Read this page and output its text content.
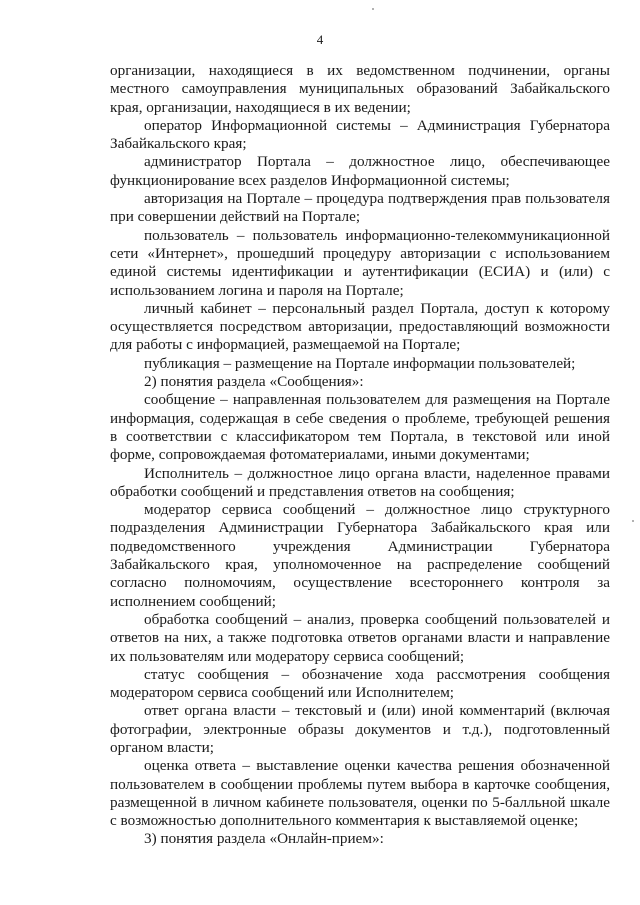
4

организации, находящиеся в их ведомственном подчинении, органы местного самоуправления муниципальных образований Забайкальского края, организации, находящиеся в их ведении;

оператор Информационной системы – Администрация Губернатора Забайкальского края;

администратор Портала – должностное лицо, обеспечивающее функционирование всех разделов Информационной системы;

авторизация на Портале – процедура подтверждения прав пользователя при совершении действий на Портале;

пользователь – пользователь информационно-телекоммуникационной сети «Интернет», прошедший процедуру авторизации с использованием единой системы идентификации и аутентификации (ЕСИА) и (или) с использованием логина и пароля на Портале;

личный кабинет – персональный раздел Портала, доступ к которому осуществляется посредством авторизации, предоставляющий возможности для работы с информацией, размещаемой на Портале;

публикация – размещение на Портале информации пользователей;

2) понятия раздела «Сообщения»:

сообщение – направленная пользователем для размещения на Портале информация, содержащая в себе сведения о проблеме, требующей решения в соответствии с классификатором тем Портала, в текстовой или иной форме, сопровождаемая фотоматериалами, иными документами;

Исполнитель – должностное лицо органа власти, наделенное правами обработки сообщений и представления ответов на сообщения;

модератор сервиса сообщений – должностное лицо структурного подразделения Администрации Губернатора Забайкальского края или подведомственного учреждения Администрации Губернатора Забайкальского края, уполномоченное на распределение сообщений согласно полномочиям, осуществление всестороннего контроля за исполнением сообщений;

обработка сообщений – анализ, проверка сообщений пользователей и ответов на них, а также подготовка ответов органами власти и направление их пользователям или модератору сервиса сообщений;

статус сообщения – обозначение хода рассмотрения сообщения модератором сервиса сообщений или Исполнителем;

ответ органа власти – текстовый и (или) иной комментарий (включая фотографии, электронные образы документов и т.д.), подготовленный органом власти;

оценка ответа – выставление оценки качества решения обозначенной пользователем в сообщении проблемы путем выбора в карточке сообщения, размещенной в личном кабинете пользователя, оценки по 5-балльной шкале с возможностью дополнительного комментария к выставляемой оценке;

3) понятия раздела «Онлайн-прием»:
